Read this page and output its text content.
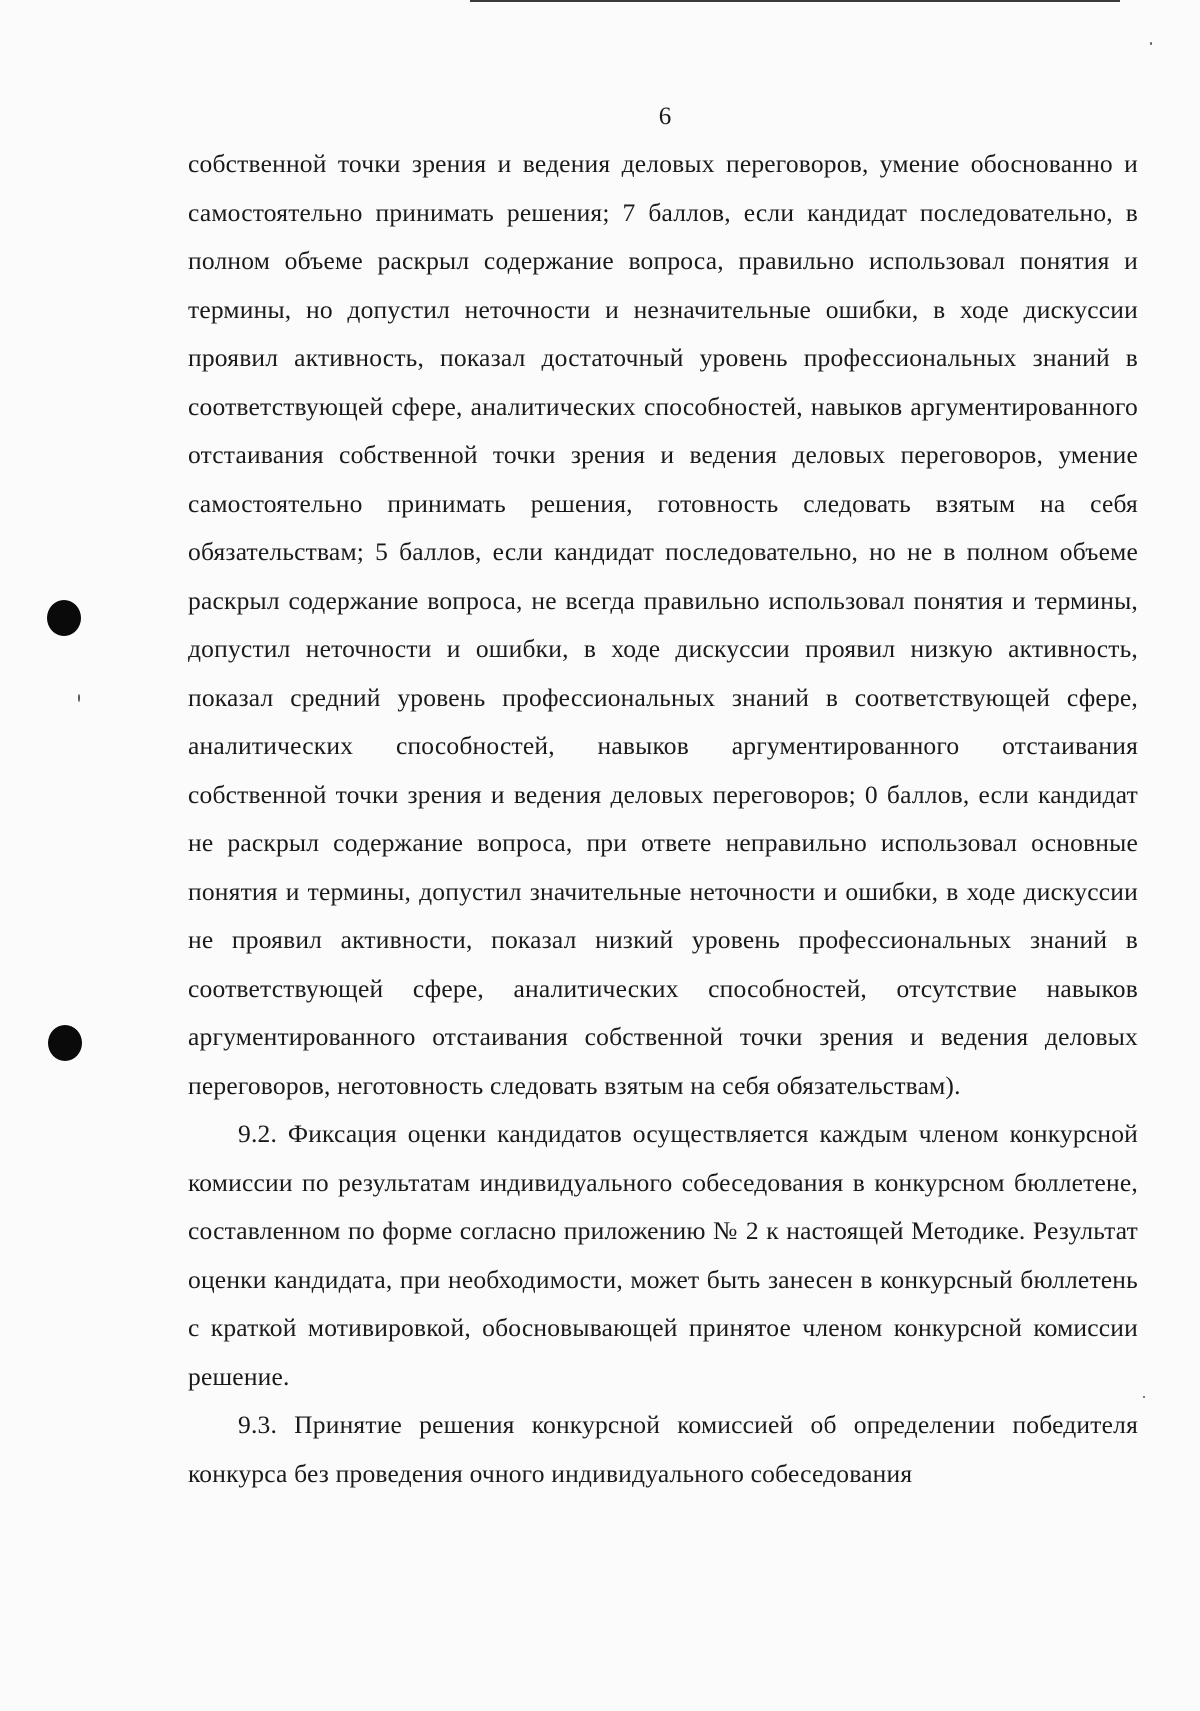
6

собственной точки зрения и ведения деловых переговоров, умение обоснованно и самостоятельно принимать решения; 7 баллов, если кандидат последовательно, в полном объеме раскрыл содержание вопроса, правильно использовал понятия и термины, но допустил неточности и незначительные ошибки, в ходе дискуссии проявил активность, показал достаточный уровень профессиональных знаний в соответствующей сфере, аналитических способностей, навыков аргументированного отстаивания собственной точки зрения и ведения деловых переговоров, умение самостоятельно принимать решения, готовность следовать взятым на себя обязательствам; 5 баллов, если кандидат последовательно, но не в полном объеме раскрыл содержание вопроса, не всегда правильно использовал понятия и термины, допустил неточности и ошибки, в ходе дискуссии проявил низкую активность, показал средний уровень профессиональных знаний в соответствующей сфере, аналитических способностей, навыков аргументированного отстаивания собственной точки зрения и ведения деловых переговоров; 0 баллов, если кандидат не раскрыл содержание вопроса, при ответе неправильно использовал основные понятия и термины, допустил значительные неточности и ошибки, в ходе дискуссии не проявил активности, показал низкий уровень профессиональных знаний в соответствующей сфере, аналитических способностей, отсутствие навыков аргументированного отстаивания собственной точки зрения и ведения деловых переговоров, неготовность следовать взятым на себя обязательствам).

9.2. Фиксация оценки кандидатов осуществляется каждым членом конкурсной комиссии по результатам индивидуального собеседования в конкурсном бюллетене, составленном по форме согласно приложению № 2 к настоящей Методике. Результат оценки кандидата, при необходимости, может быть занесен в конкурсный бюллетень с краткой мотивировкой, обосновывающей принятое членом конкурсной комиссии решение.

9.3. Принятие решения конкурсной комиссией об определении победителя конкурса без проведения очного индивидуального собеседования
